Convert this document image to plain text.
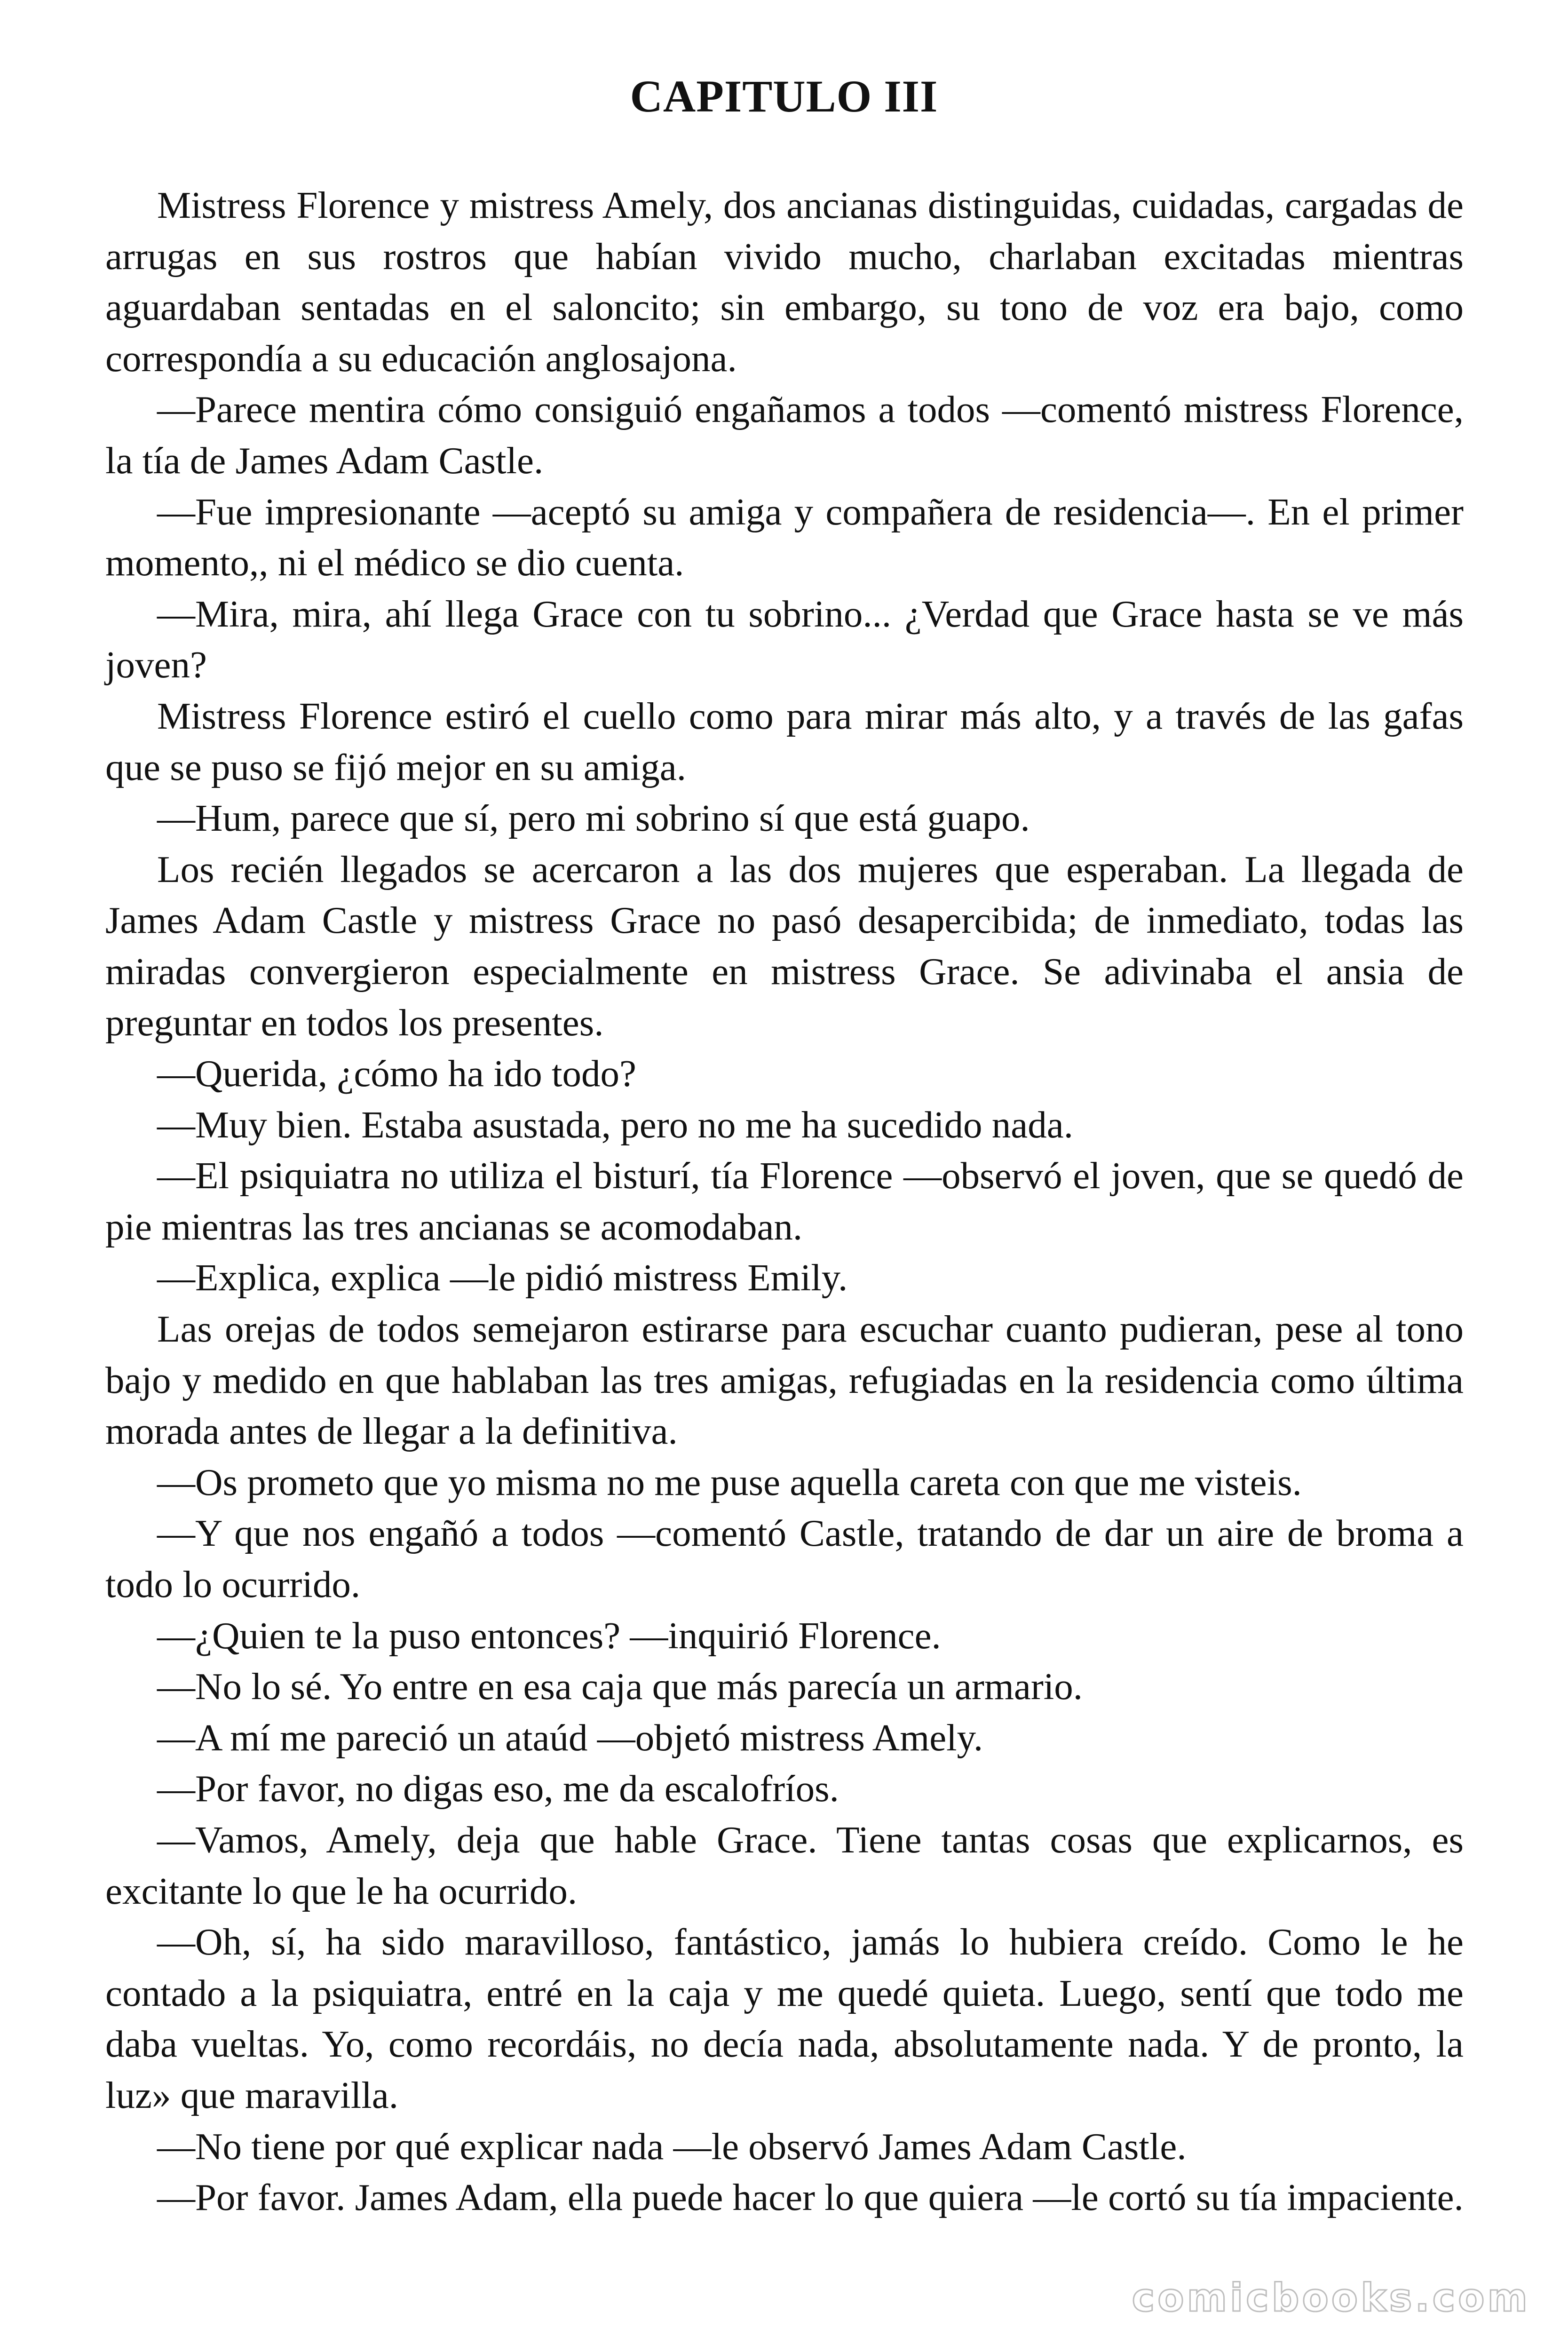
CAPITULO III

Mistress Florence y mistress Amely, dos ancianas distinguidas, cuidadas, cargadas de arrugas en sus rostros que habían vivido mucho, charlaban excitadas mientras aguardaban sentadas en el saloncito; sin embargo, su tono de voz era bajo, como correspondía a su educación anglosajona.

—Parece mentira cómo consiguió engañamos a todos —comentó mistress Florence, la tía de James Adam Castle.

—Fue impresionante —aceptó su amiga y compañera de residencia—. En el primer momento,, ni el médico se dio cuenta.

—Mira, mira, ahí llega Grace con tu sobrino... ¿Verdad que Grace hasta se ve más joven?

Mistress Florence estiró el cuello como para mirar más alto, y a través de las gafas que se puso se fijó mejor en su amiga.

—Hum, parece que sí, pero mi sobrino sí que está guapo.

Los recién llegados se acercaron a las dos mujeres que esperaban. La llegada de James Adam Castle y mistress Grace no pasó desapercibida; de inmediato, todas las miradas convergieron especialmente en mistress Grace. Se adivinaba el ansia de preguntar en todos los presentes.

—Querida, ¿cómo ha ido todo?

—Muy bien. Estaba asustada, pero no me ha sucedido nada.

—El psiquiatra no utiliza el bisturí, tía Florence —observó el joven, que se quedó de pie mientras las tres ancianas se acomodaban.

—Explica, explica —le pidió mistress Emily.

Las orejas de todos semejaron estirarse para escuchar cuanto pudieran, pese al tono bajo y medido en que hablaban las tres amigas, refugiadas en la residencia como última morada antes de llegar a la definitiva.

—Os prometo que yo misma no me puse aquella careta con que me visteis.

—Y que nos engañó a todos —comentó Castle, tratando de dar un aire de broma a todo lo ocurrido.

—¿Quien te la puso entonces? —inquirió Florence.

—No lo sé. Yo entre en esa caja que más parecía un armario.

—A mí me pareció un ataúd —objetó mistress Amely.

—Por favor, no digas eso, me da escalofríos.

—Vamos, Amely, deja que hable Grace. Tiene tantas cosas que explicarnos, es excitante lo que le ha ocurrido.

—Oh, sí, ha sido maravilloso, fantástico, jamás lo hubiera creído. Como le he contado a la psiquiatra, entré en la caja y me quedé quieta. Luego, sentí que todo me daba vueltas. Yo, como recordáis, no decía nada, absolutamente nada. Y de pronto, la luz» que maravilla.

—No tiene por qué explicar nada —le observó James Adam Castle.

—Por favor. James Adam, ella puede hacer lo que quiera —le cortó su tía impaciente.

comicbooks.com
